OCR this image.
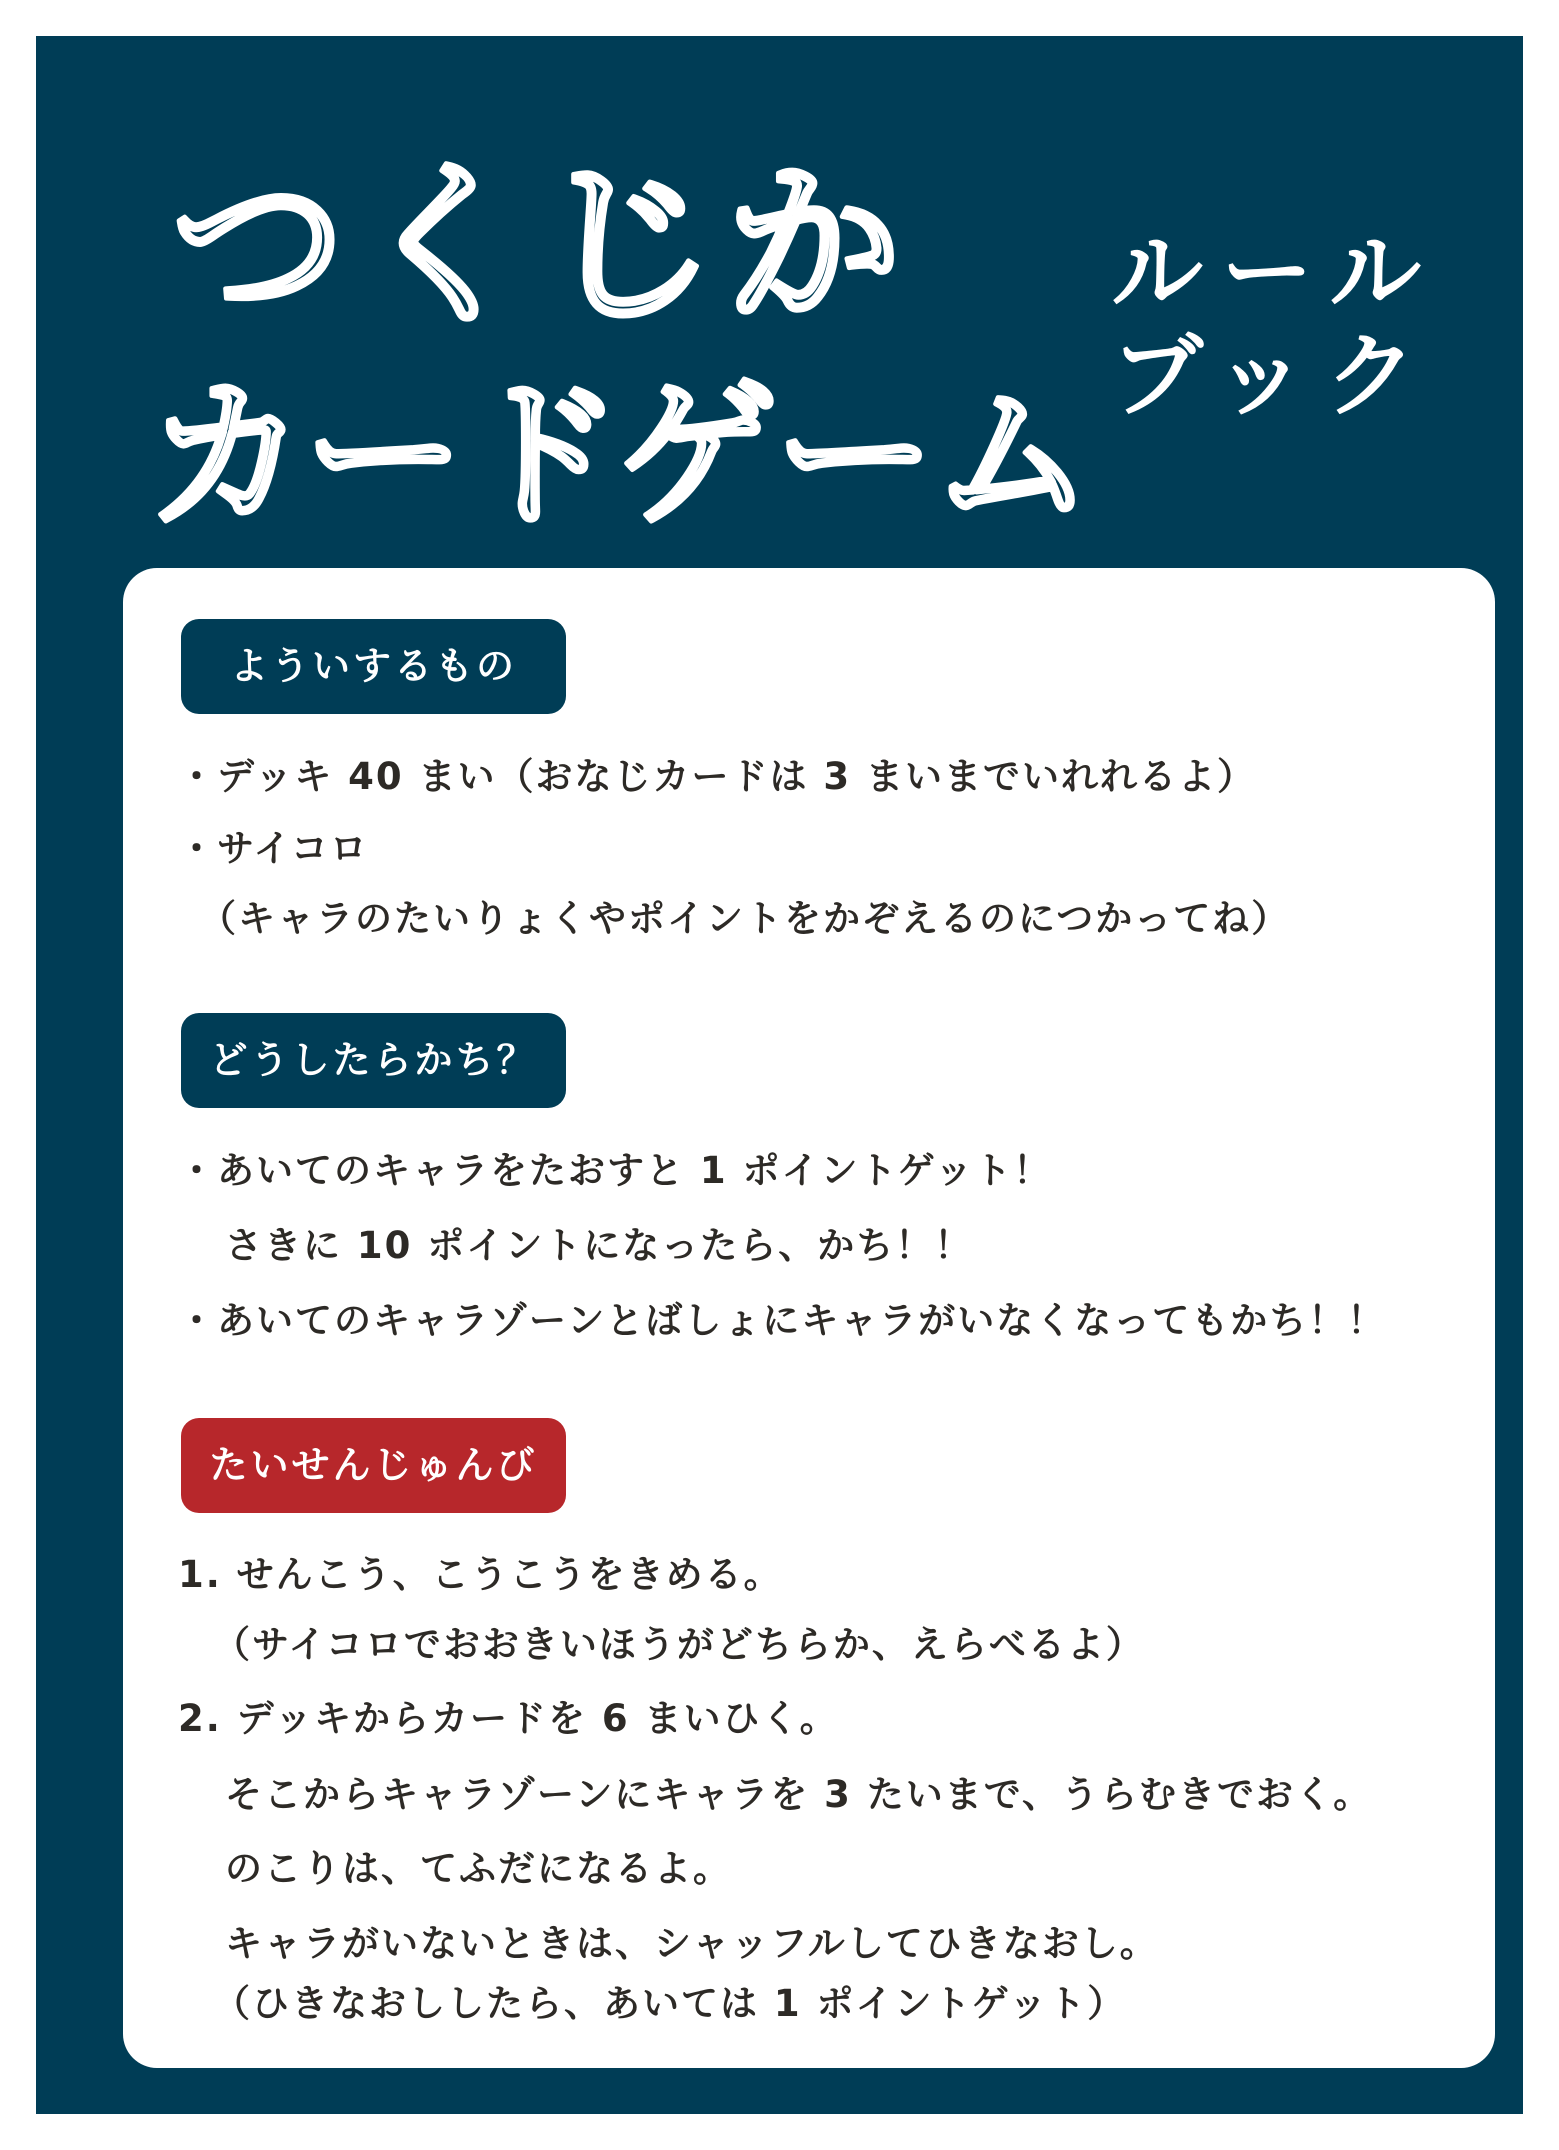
つくじか
カードゲーム
ルール
ブック
よういするもの
・デッキ 40 まい（おなじカードは 3 まいまでいれれるよ）
・サイコロ
（キャラのたいりょくやポイントをかぞえるのにつかってね）
どうしたらかち？
・あいてのキャラをたおすと 1 ポイントゲット！
さきに 10 ポイントになったら、かち！！
・あいてのキャラゾーンとばしょにキャラがいなくなってもかち！！
たいせんじゅんび
1. せんこう、こうこうをきめる。
（サイコロでおおきいほうがどちらか、えらべるよ）
2. デッキからカードを 6 まいひく。
そこからキャラゾーンにキャラを 3 たいまで、うらむきでおく。
のこりは、てふだになるよ。
キャラがいないときは、シャッフルしてひきなおし。
（ひきなおししたら、あいては 1 ポイントゲット）
